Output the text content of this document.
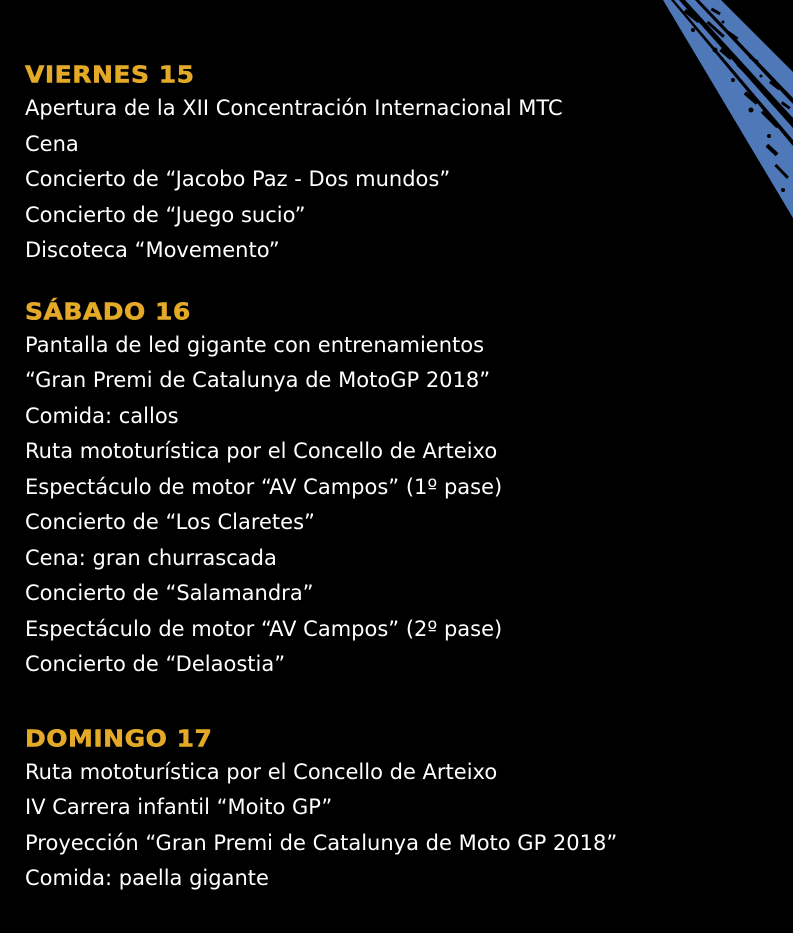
VIERNES 15
Apertura de la XII Concentración Internacional MTC
Cena
Concierto de “Jacobo Paz - Dos mundos”
Concierto de “Juego sucio”
Discoteca “Movemento”
SÁBADO 16
Pantalla de led gigante con entrenamientos
“Gran Premi de Catalunya de MotoGP 2018”
Comida: callos
Ruta mototurística por el Concello de Arteixo
Espectáculo de motor “AV Campos” (1º pase)
Concierto de “Los Claretes”
Cena: gran churrascada
Concierto de “Salamandra”
Espectáculo de motor “AV Campos” (2º pase)
Concierto de “Delaostia”
DOMINGO 17
Ruta mototurística por el Concello de Arteixo
IV Carrera infantil “Moito GP”
Proyección “Gran Premi de Catalunya de Moto GP 2018”
Comida: paella gigante
